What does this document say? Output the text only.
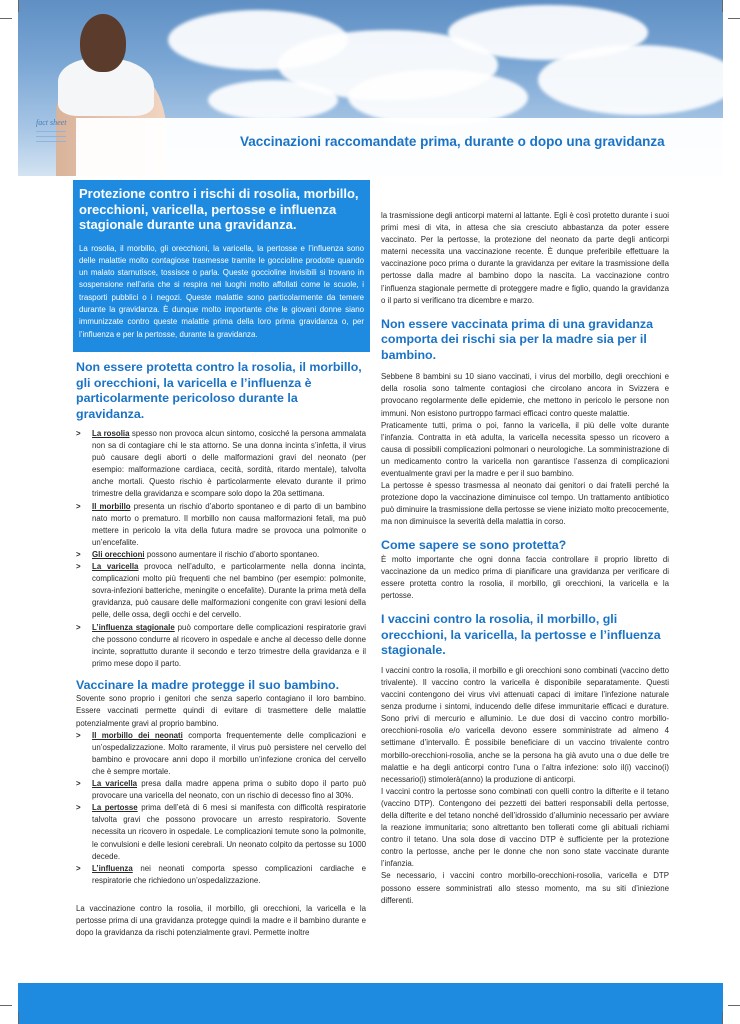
fact sheet
Vaccinazioni raccomandate prima, durante o dopo una gravidanza
Protezione contro i rischi di rosolia, morbillo, orecchioni, varicella, pertosse e influenza stagionale durante una gravidanza.

La rosolia, il morbillo, gli orecchioni, la varicella, la pertosse e l’influenza sono delle malattie molto contagiose trasmesse tramite le goccioline prodotte quando un malato starnutisce, tossisce o parla. Queste goccioline invisibili si trovano in sospensione nell’aria che si respira nei luoghi molto affollati come le scuole, i trasporti pubblici o i negozi. Queste malattie sono particolarmente da temere durante la gravidanza. È dunque molto importante che le giovani donne siano immunizzate contro queste malattie prima della loro prima gravidanza o, per l’influenza e per la pertosse, durante la gravidanza.

Non essere protetta contro la rosolia, il morbillo, gli orecchioni, la varicella e l’influenza è particolarmente pericoloso durante la gravidanza.

> La rosolia spesso non provoca alcun sintomo, cosicché la persona ammalata non sa di contagiare chi le sta attorno. Se una donna incinta s’infetta, il virus può causare degli aborti o delle malformazioni gravi del neonato (per esempio: malformazione cardiaca, cecità, sordità, ritardo mentale), talvolta anche mortali. Questo rischio è particolarmente elevato durante il primo trimestre della gravidanza e scompare solo dopo la 20a settimana.

> Il morbillo presenta un rischio d’aborto spontaneo e di parto di un bambino nato morto o prematuro. Il morbillo non causa malformazioni fetali, ma può mettere in pericolo la vita della futura madre se provoca una polmonite o un’encefalite.

> Gli orecchioni possono aumentare il rischio d’aborto spontaneo.

> La varicella provoca nell’adulto, e particolarmente nella donna incinta, complicazioni molto più frequenti che nel bambino (per esempio: polmonite, sovra-infezioni batteriche, meningite o encefalite). Durante la prima metà della gravidanza, può causare delle malformazioni congenite con gravi lesioni della pelle, delle ossa, degli occhi e del cervello.

> L’influenza stagionale può comportare delle complicazioni respiratorie gravi che possono condurre al ricovero in ospedale e anche al decesso delle donne incinte, soprattutto durante il secondo e terzo trimestre della gravidanza e il primo mese dopo il parto.

Vaccinare la madre protegge il suo bambino.

Sovente sono proprio i genitori che senza saperlo contagiano il loro bambino. Essere vaccinati permette quindi di evitare di trasmettere delle malattie potenzialmente gravi al proprio bambino.

> Il morbillo dei neonati comporta frequentemente delle complicazioni e un’ospedalizzazione. Molto raramente, il virus può persistere nel cervello del bambino e provocare anni dopo il morbillo un’infezione cronica del cervello che è sempre mortale.

> La varicella presa dalla madre appena prima o subito dopo il parto può provocare una varicella del neonato, con un rischio di decesso fino al 30%.

> La pertosse prima dell’età di 6 mesi si manifesta con difficoltà respiratorie talvolta gravi che possono provocare un arresto respiratorio. Sovente necessita un ricovero in ospedale. Le complicazioni temute sono la polmonite, le convulsioni e delle lesioni cerebrali. Un neonato colpito da pertosse su 1000 decede.

> L’influenza nei neonati comporta spesso complicazioni cardiache e respiratorie che richiedono un’ospedalizzazione.

La vaccinazione contro la rosolia, il morbillo, gli orecchioni, la varicella e la pertosse prima di una gravidanza protegge quindi la madre e il bambino durante e dopo la gravidanza da rischi potenzialmente gravi. Permette inoltre

la trasmissione degli anticorpi materni al lattante. Egli è così protetto durante i suoi primi mesi di vita, in attesa che sia cresciuto abbastanza da poter essere vaccinato. Per la pertosse, la protezione del neonato da parte degli anticorpi materni necessita una vaccinazione recente. È dunque preferibile effettuare la vaccinazione poco prima o durante la gravidanza per evitare la trasmissione della pertosse dalla madre al bambino dopo la nascita. La vaccinazione contro l’influenza stagionale permette di proteggere madre e figlio, quando la gravidanza o il parto si verificano tra dicembre e marzo.

Non essere vaccinata prima di una gravidanza comporta dei rischi sia per la madre sia per il bambino.

Sebbene 8 bambini su 10 siano vaccinati, i virus del morbillo, degli orecchioni e della rosolia sono talmente contagiosi che circolano ancora in Svizzera e provocano regolarmente delle epidemie, che mettono in pericolo le persone non immuni. Non esistono purtroppo farmaci efficaci contro queste malattie.

Praticamente tutti, prima o poi, fanno la varicella, il più delle volte durante l’infanzia. Contratta in età adulta, la varicella necessita spesso un ricovero a causa di possibili complicazioni polmonari o neurologiche. La somministrazione di un medicamento contro la varicella non garantisce l’assenza di complicazioni eventualmente gravi per la madre e per il suo bambino.

La pertosse è spesso trasmessa al neonato dai genitori o dai fratelli perché la protezione dopo la vaccinazione diminuisce col tempo. Un trattamento antibiotico può diminuire la trasmissione della pertosse se viene iniziato molto precocemente, ma non diminuisce la severità della malattia in corso.

Come sapere se sono protetta?

È molto importante che ogni donna faccia controllare il proprio libretto di vaccinazione da un medico prima di pianificare una gravidanza per verificare di essere protetta contro la rosolia, il morbillo, gli orecchioni, la varicella e la pertosse.

I vaccini contro la rosolia, il morbillo, gli orecchioni, la varicella, la pertosse e l’influenza stagionale.

I vaccini contro la rosolia, il morbillo e gli orecchioni sono combinati (vaccino detto trivalente). Il vaccino contro la varicella è disponibile separatamente. Questi vaccini contengono dei virus vivi attenuati capaci di imitare l’infezione naturale senza produrne i sintomi, inducendo delle difese immunitarie efficaci e durature. Sono privi di mercurio e alluminio. Le due dosi di vaccino contro morbillo-orecchioni-rosolia e/o varicella devono essere somministrate ad almeno 4 settimane d’intervallo. È possibile beneficiare di un vaccino trivalente contro morbillo-orecchioni-rosolia, anche se la persona ha già avuto una o due delle tre malattie e ha degli anticorpi contro l’una o l’altra infezione: solo il(i) vaccino(i) necessario(i) stimolerà(anno) la produzione di anticorpi.

I vaccini contro la pertosse sono combinati con quelli contro la difterite e il tetano (vaccino DTP). Contengono dei pezzetti dei batteri responsabili della pertosse, della difterite e del tetano nonché dell’idrossido d’alluminio necessario per avviare la reazione immunitaria; sono altrettanto ben tollerati come gli abituali richiami contro il tetano. Una sola dose di vaccino DTP è sufficiente per la protezione contro la pertosse, anche per le donne che non sono state vaccinate durante l’infanzia.

Se necessario, i vaccini contro morbillo-orecchioni-rosolia, varicella e DTP possono essere somministrati allo stesso momento, ma su siti d’iniezione differenti.
